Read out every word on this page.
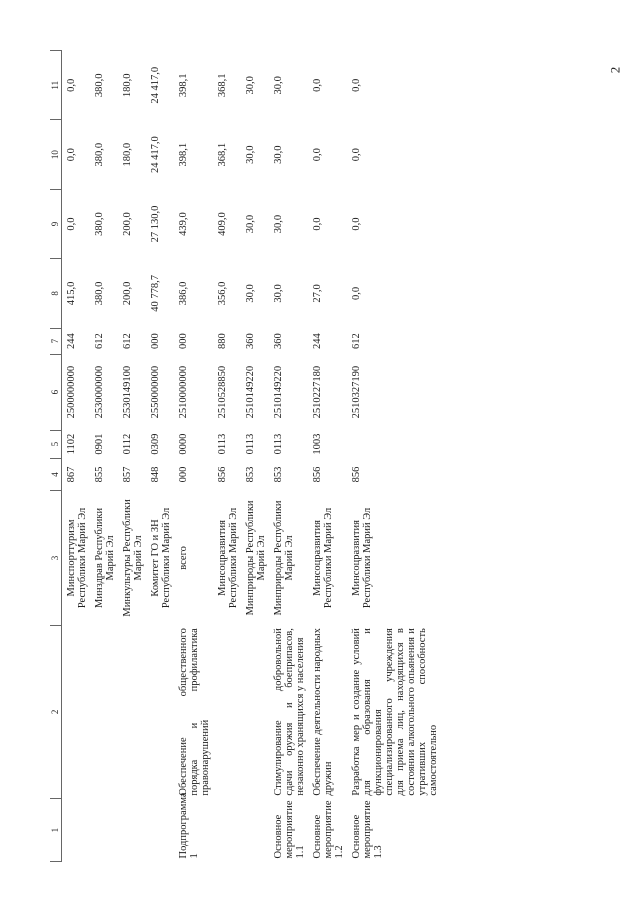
2
1	2	3	4	5	6	7	8	9	10	11
		Минспорттуризм Республики Марий Эл	867	1102	2500000000	244	415,0	0,0	0,0	0,0
		Минздрав Республики Марий Эл	855	0901	2530000000	612	380,0	380,0	380,0	380,0
		Минкультуры Республики Марий Эл	857	0112	2530149100	612	200,0	200,0	180,0	180,0
		Комитет ГО и ЗН Республики Марий Эл	848	0309	2550000000	000	40 778,7	27 130,0	24 417,0	24 417,0
Подпрограмма 1	Обеспечение общественного порядка и профилактика правонарушений	всего	000	0000	2510000000	000	386,0	439,0	398,1	398,1
		Минсоцразвития Республики Марий Эл	856	0113	2510528850	880	356,0	409,0	368,1	368,1
		Минприроды Республики Марий Эл	853	0113	2510149220	360	30,0	30,0	30,0	30,0
Основное мероприятие 1.1	Стимулирование добровольной сдачи оружия и боеприпасов, незаконно хранящихся у населения	Минприроды Республики Марий Эл	853	0113	2510149220	360	30,0	30,0	30,0	30,0
Основное мероприятие 1.2	Обеспечение деятельности народных дружин	Минсоцразвития Республики Марий Эл	856	1003	2510227180	244	27,0	0,0	0,0	0,0
Основное мероприятие 1.3	Разработка мер и создание условий для образования и функционирования специализированного учреждения для приема лиц, находящихся в состоянии алкогольного опьянения и утративших способность самостоятельно	Минсоцразвития Республики Марий Эл	856		2510327190	612	0,0	0,0	0,0	0,0
